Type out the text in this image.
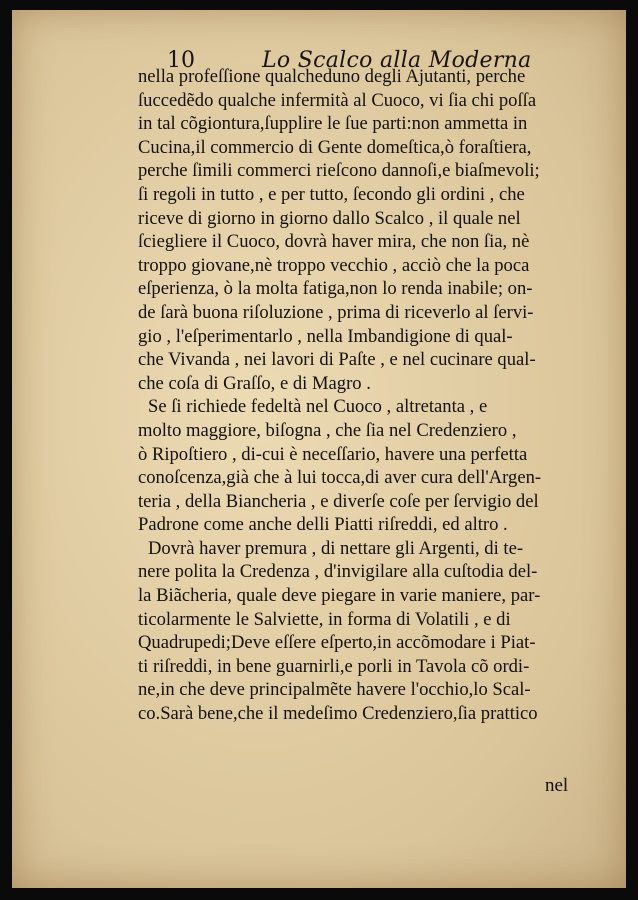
10	Lo Scalco alla Moderna
nella profeſſione qualcheduno degli Ajutanti, perche
ſuccedẽdo qualche infermità al Cuoco, vi ſia chi poſſa
in tal cõgiontura,ſupplire le ſue parti:non ammetta in
Cucina,il commercio di Gente domeſtica,ò foraſtiera,
perche ſimili commerci rieſcono dannoſi,e biaſmevoli;
ſi regoli in tutto , e per tutto, ſecondo gli ordini , che
riceve di giorno in giorno dallo Scalco , il quale nel
ſciegliere il Cuoco, dovrà haver mira, che non ſia, nè
troppo giovane,nè troppo vecchio , acciò che la poca
eſperienza, ò la molta fatiga,non lo renda inabile; on-
de ſarà buona riſoluzione , prima di riceverlo al ſervi-
gio , l'eſperimentarlo , nella Imbandigione di qual-
che Vivanda , nei lavori di Paſte , e nel cucinare qual-
che coſa di Graſſo, e di Magro .
Se ſi richiede fedeltà nel Cuoco , altretanta , e
molto maggiore, biſogna , che ſia nel Credenziero ,
ò Ripoſtiero , di-cui è neceſſario, havere una perfetta
conoſcenza,già che à lui tocca,di aver cura dell'Argen-
teria , della Biancheria , e diverſe coſe per ſervigio del
Padrone come anche delli Piatti riſreddi, ed altro .
Dovrà haver premura , di nettare gli Argenti, di te-
nere polita la Credenza , d'invigilare alla cuſtodia del-
la Biãcheria, quale deve piegare in varie maniere, par-
ticolarmente le Salviette, in forma di Volatili , e di
Quadrupedi;Deve eſſere eſperto,in accõmodare i Piat-
ti riſreddi, in bene guarnirli,e porli in Tavola cõ ordi-
ne,in che deve principalmẽte havere l'occhio,lo Scal-
co.Sarà bene,che il medeſimo Credenziero,ſia prattico
nel
